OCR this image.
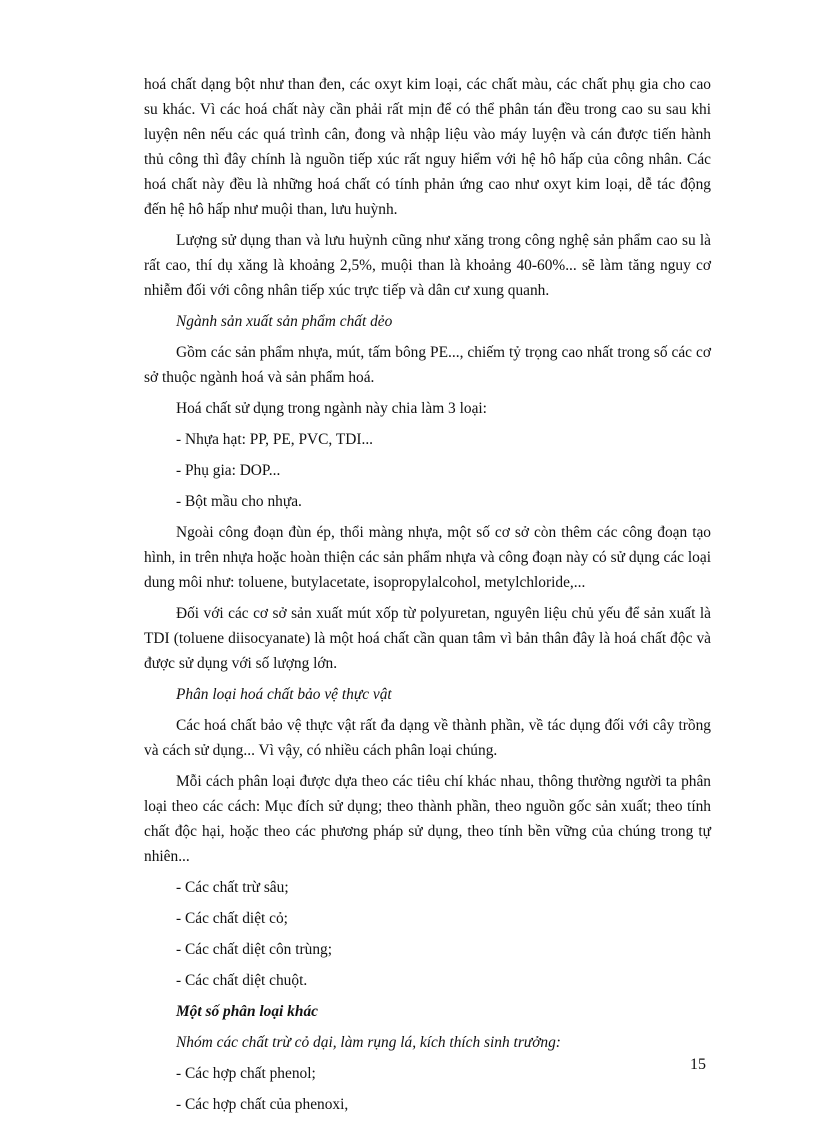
hoá chất dạng bột như than đen, các oxyt kim loại, các chất màu, các chất phụ gia cho cao su khác. Vì các hoá chất này cần phải rất mịn để có thể phân tán đều trong cao su sau khi luyện nên nếu các quá trình cân, đong và nhập liệu vào máy luyện và cán được tiến hành thủ công thì đây chính là nguồn tiếp xúc rất nguy hiểm với hệ hô hấp của công nhân. Các hoá chất này đều là những hoá chất có tính phản ứng cao như oxyt kim loại, dễ tác động đến hệ hô hấp như muội than, lưu huỳnh.

Lượng sử dụng than và lưu huỳnh cũng như xăng trong công nghệ sản phẩm cao su là rất cao, thí dụ xăng là khoảng 2,5%, muội than là khoảng 40-60%... sẽ làm tăng nguy cơ nhiễm đối với công nhân tiếp xúc trực tiếp và dân cư xung quanh.

Ngành sản xuất sản phẩm chất dẻo

Gồm các sản phẩm nhựa, mút, tấm bông PE..., chiếm tỷ trọng cao nhất trong số các cơ sở thuộc ngành hoá và sản phẩm hoá.

Hoá chất sử dụng trong ngành này chia làm 3 loại:

- Nhựa hạt: PP, PE, PVC, TDI...

- Phụ gia: DOP...

- Bột mầu cho nhựa.

Ngoài công đoạn đùn ép, thổi màng nhựa, một số cơ sở còn thêm các công đoạn tạo hình, in trên nhựa hoặc hoàn thiện các sản phẩm nhựa và công đoạn này có sử dụng các loại dung môi như: toluene, butylacetate, isopropylalcohol, metylchloride,...

Đối với các cơ sở sản xuất mút xốp từ polyuretan, nguyên liệu chủ yếu để sản xuất là TDI (toluene diisocyanate) là một hoá chất cần quan tâm vì bản thân đây là hoá chất độc và được sử dụng với số lượng lớn.

Phân loại hoá chất bảo vệ thực vật

Các hoá chất bảo vệ thực vật rất đa dạng về thành phần, về tác dụng đối với cây trồng và cách sử dụng... Vì vậy, có nhiều cách phân loại chúng.

Mỗi cách phân loại được dựa theo các tiêu chí khác nhau, thông thường người ta phân loại theo các cách: Mục đích sử dụng; theo thành phần, theo nguồn gốc sản xuất; theo tính chất độc hại, hoặc theo các phương pháp sử dụng, theo tính bền vững của chúng trong tự nhiên...

- Các chất trừ sâu;

- Các chất diệt cỏ;

- Các chất diệt côn trùng;

- Các chất diệt chuột.

Một số phân loại khác

Nhóm các chất trừ cỏ dại, làm rụng lá, kích thích sinh trưởng:

- Các hợp chất phenol;

- Các hợp chất của phenoxi,

15
